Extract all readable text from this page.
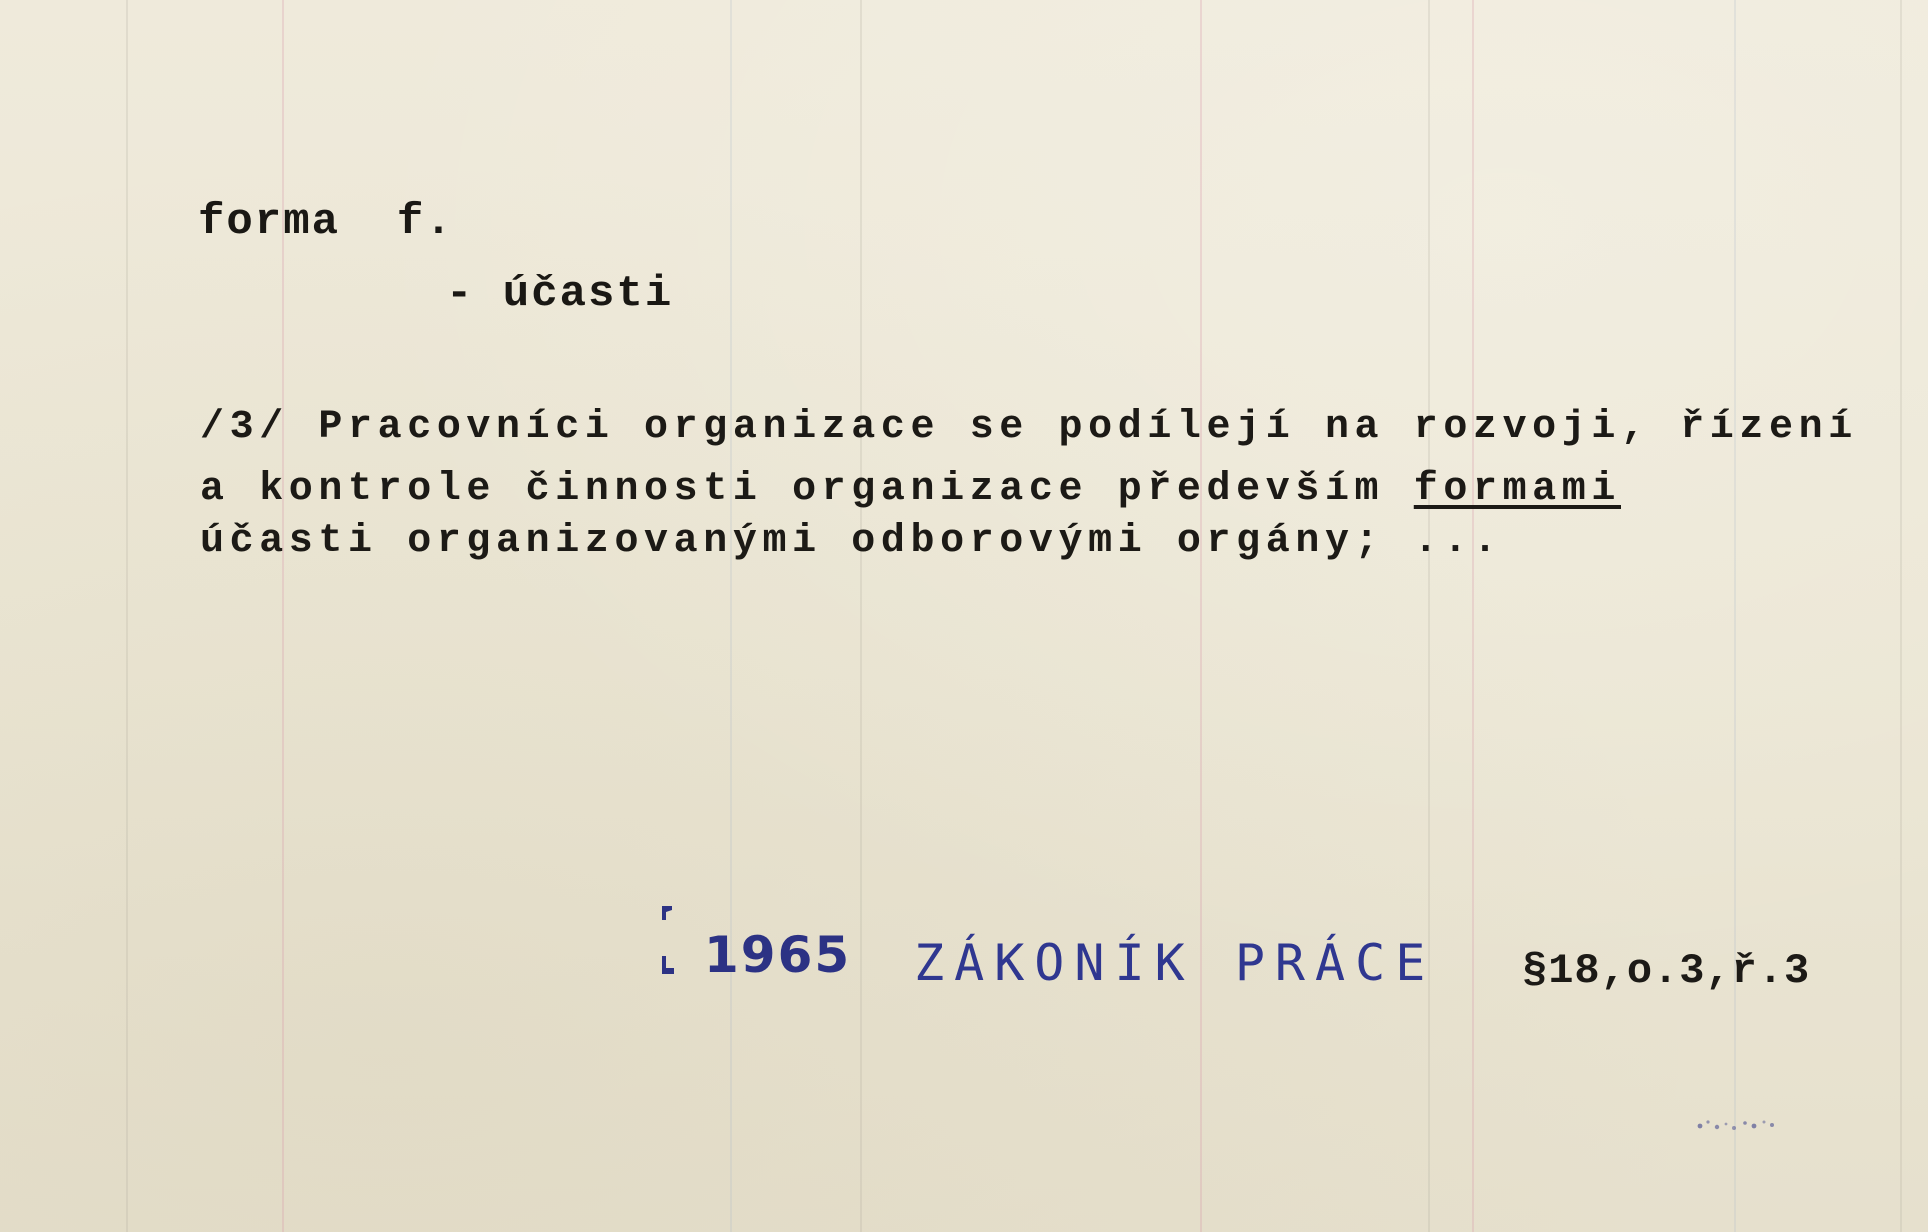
forma  f.

- účasti

/3/ Pracovníci organizace se podílejí na rozvoji, řízení

a kontrole činnosti organizace především formami

účasti organizovanými odborovými orgány; ...

1965 ZÁKONÍK PRÁCE §18,o.3,ř.3
